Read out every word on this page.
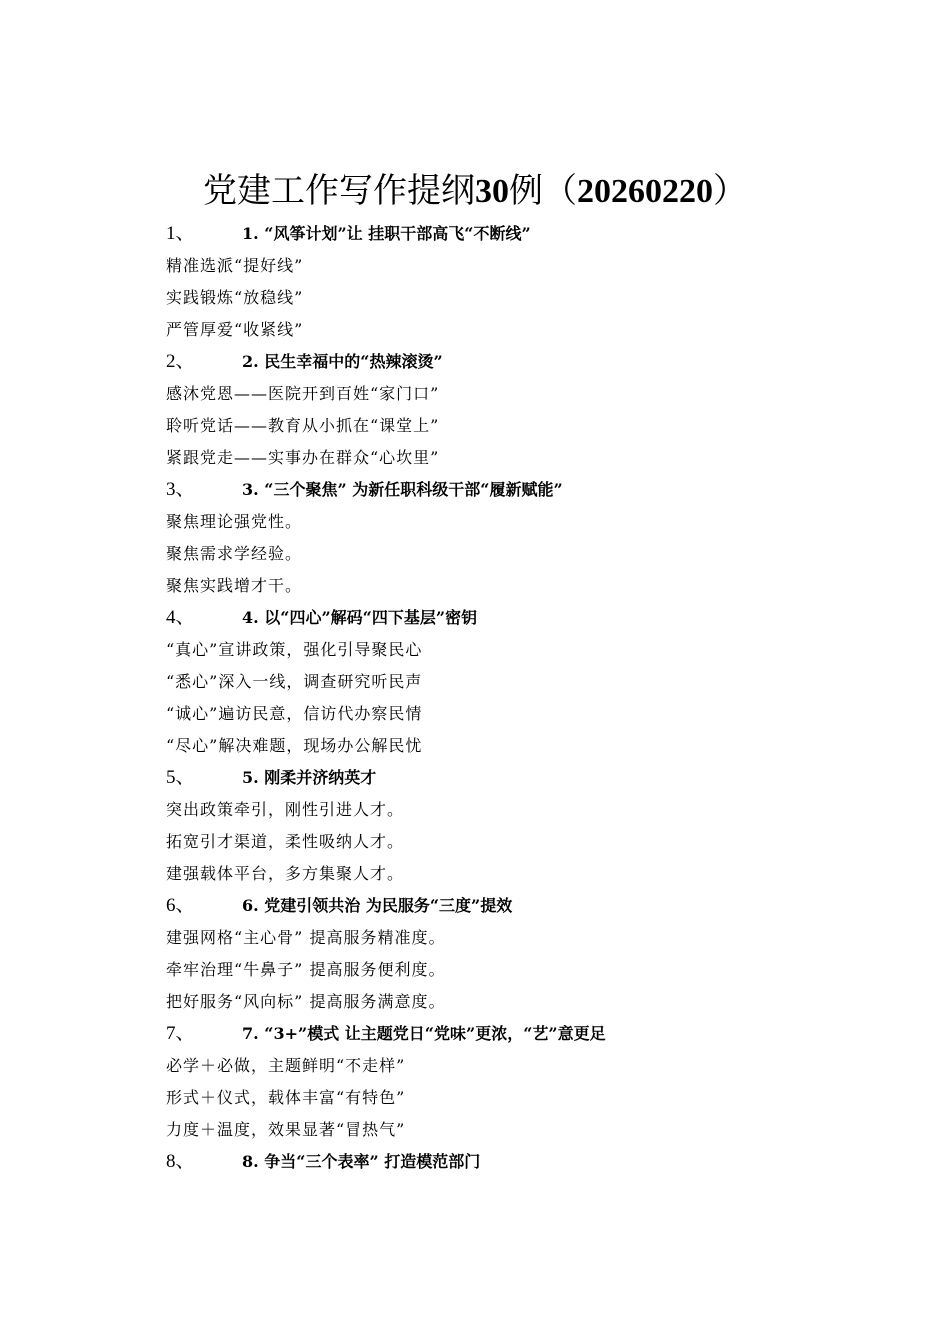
党建工作写作提纲30例（20260220）
1、	1. “风筝计划”让 挂职干部高飞“不断线”
精准选派“提好线”
实践锻炼“放稳线”
严管厚爱“收紧线”
2、	2. 民生幸福中的“热辣滚烫”
感沐党恩——医院开到百姓“家门口”
聆听党话——教育从小抓在“课堂上”
紧跟党走——实事办在群众“心坎里”
3、	3. “三个聚焦” 为新任职科级干部“履新赋能”
聚焦理论强党性。
聚焦需求学经验。
聚焦实践增才干。
4、	4. 以“四心”解码“四下基层”密钥
“真心”宣讲政策，强化引导聚民心
“悉心”深入一线，调查研究听民声
“诚心”遍访民意，信访代办察民情
“尽心”解决难题，现场办公解民忧
5、	5. 刚柔并济纳英才
突出政策牵引，刚性引进人才。
拓宽引才渠道，柔性吸纳人才。
建强载体平台，多方集聚人才。
6、	6. 党建引领共治 为民服务“三度”提效
建强网格“主心骨” 提高服务精准度。
牵牢治理“牛鼻子” 提高服务便利度。
把好服务“风向标” 提高服务满意度。
7、	7. “3+”模式 让主题党日“党味”更浓，“艺”意更足
必学＋必做，主题鲜明“不走样”
形式＋仪式，载体丰富“有特色”
力度＋温度，效果显著“冒热气”
8、	8. 争当“三个表率” 打造模范部门
